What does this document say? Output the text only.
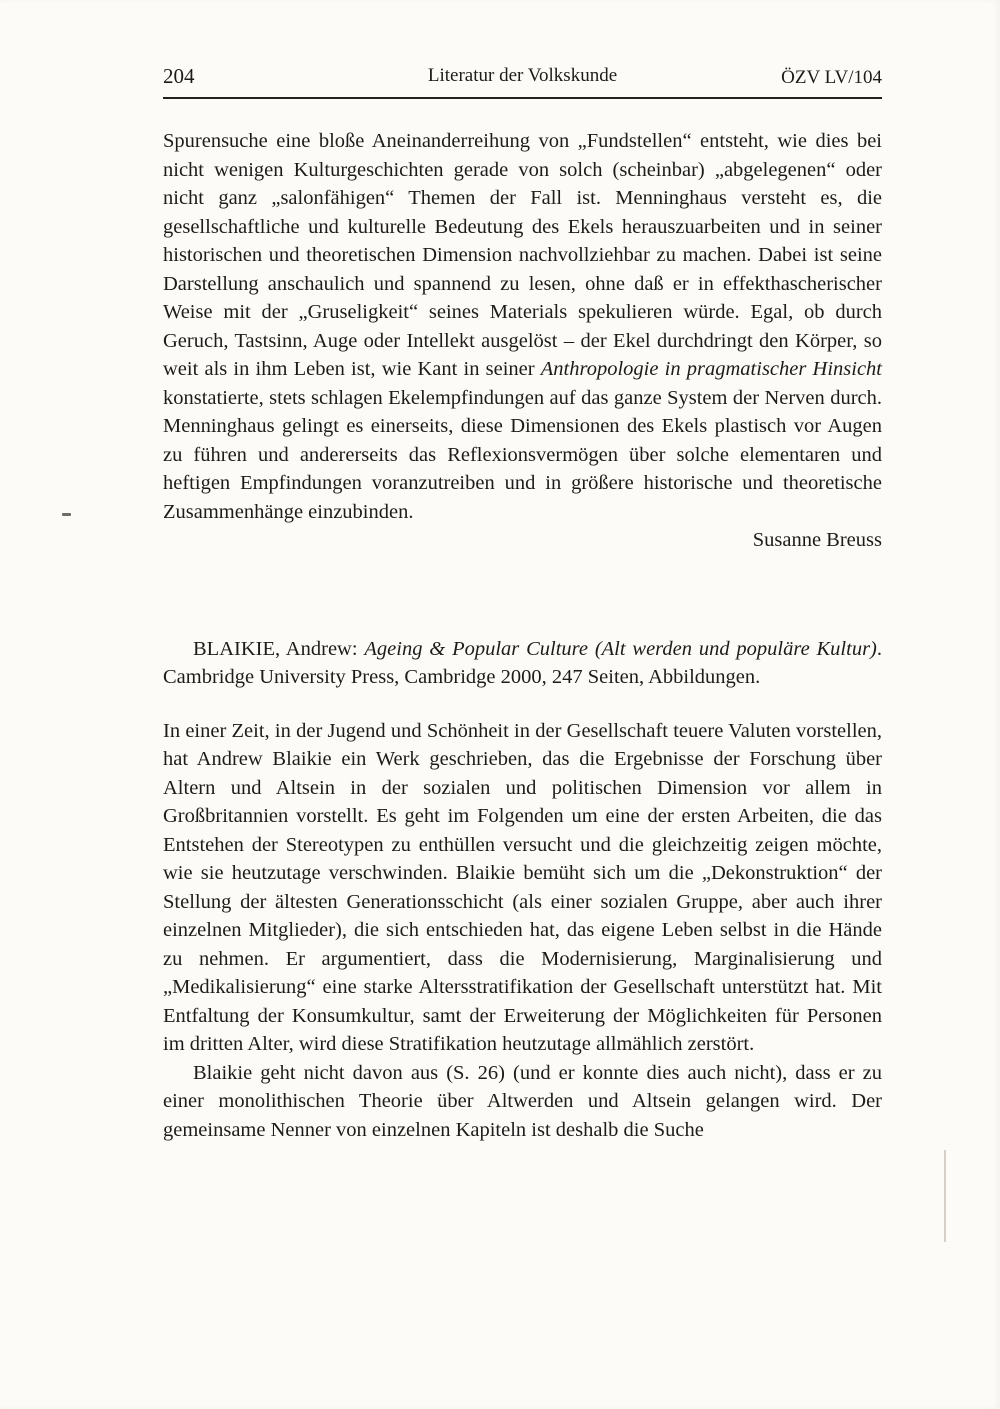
204	Literatur der Volkskunde	ÖZV LV/104

Spurensuche eine bloße Aneinanderreihung von „Fundstellen“ entsteht, wie dies bei nicht wenigen Kulturgeschichten gerade von solch (scheinbar) „abgelegenen“ oder nicht ganz „salonfähigen“ Themen der Fall ist. Menninghaus versteht es, die gesellschaftliche und kulturelle Bedeutung des Ekels herauszuarbeiten und in seiner historischen und theoretischen Dimension nachvollziehbar zu machen. Dabei ist seine Darstellung anschaulich und spannend zu lesen, ohne daß er in effekthascherischer Weise mit der „Gruseligkeit“ seines Materials spekulieren würde. Egal, ob durch Geruch, Tastsinn, Auge oder Intellekt ausgelöst – der Ekel durchdringt den Körper, so weit als in ihm Leben ist, wie Kant in seiner Anthropologie in pragmatischer Hinsicht konstatierte, stets schlagen Ekelempfindungen auf das ganze System der Nerven durch. Menninghaus gelingt es einerseits, diese Dimensionen des Ekels plastisch vor Augen zu führen und andererseits das Reflexionsvermögen über solche elementaren und heftigen Empfindungen voranzutreiben und in größere historische und theoretische Zusammenhänge einzubinden.

Susanne Breuss

BLAIKIE, Andrew: Ageing & Popular Culture (Alt werden und populäre Kultur). Cambridge University Press, Cambridge 2000, 247 Seiten, Abbildungen.

In einer Zeit, in der Jugend und Schönheit in der Gesellschaft teuere Valuten vorstellen, hat Andrew Blaikie ein Werk geschrieben, das die Ergebnisse der Forschung über Altern und Altsein in der sozialen und politischen Dimension vor allem in Großbritannien vorstellt. Es geht im Folgenden um eine der ersten Arbeiten, die das Entstehen der Stereotypen zu enthüllen versucht und die gleichzeitig zeigen möchte, wie sie heutzutage verschwinden. Blaikie bemüht sich um die „Dekonstruktion“ der Stellung der ältesten Generationsschicht (als einer sozialen Gruppe, aber auch ihrer einzelnen Mitglieder), die sich entschieden hat, das eigene Leben selbst in die Hände zu nehmen. Er argumentiert, dass die Modernisierung, Marginalisierung und „Medikalisierung“ eine starke Altersstratifikation der Gesellschaft unterstützt hat. Mit Entfaltung der Konsumkultur, samt der Erweiterung der Möglichkeiten für Personen im dritten Alter, wird diese Stratifikation heutzutage allmählich zerstört.

Blaikie geht nicht davon aus (S. 26) (und er konnte dies auch nicht), dass er zu einer monolithischen Theorie über Altwerden und Altsein gelangen wird. Der gemeinsame Nenner von einzelnen Kapiteln ist deshalb die Suche
